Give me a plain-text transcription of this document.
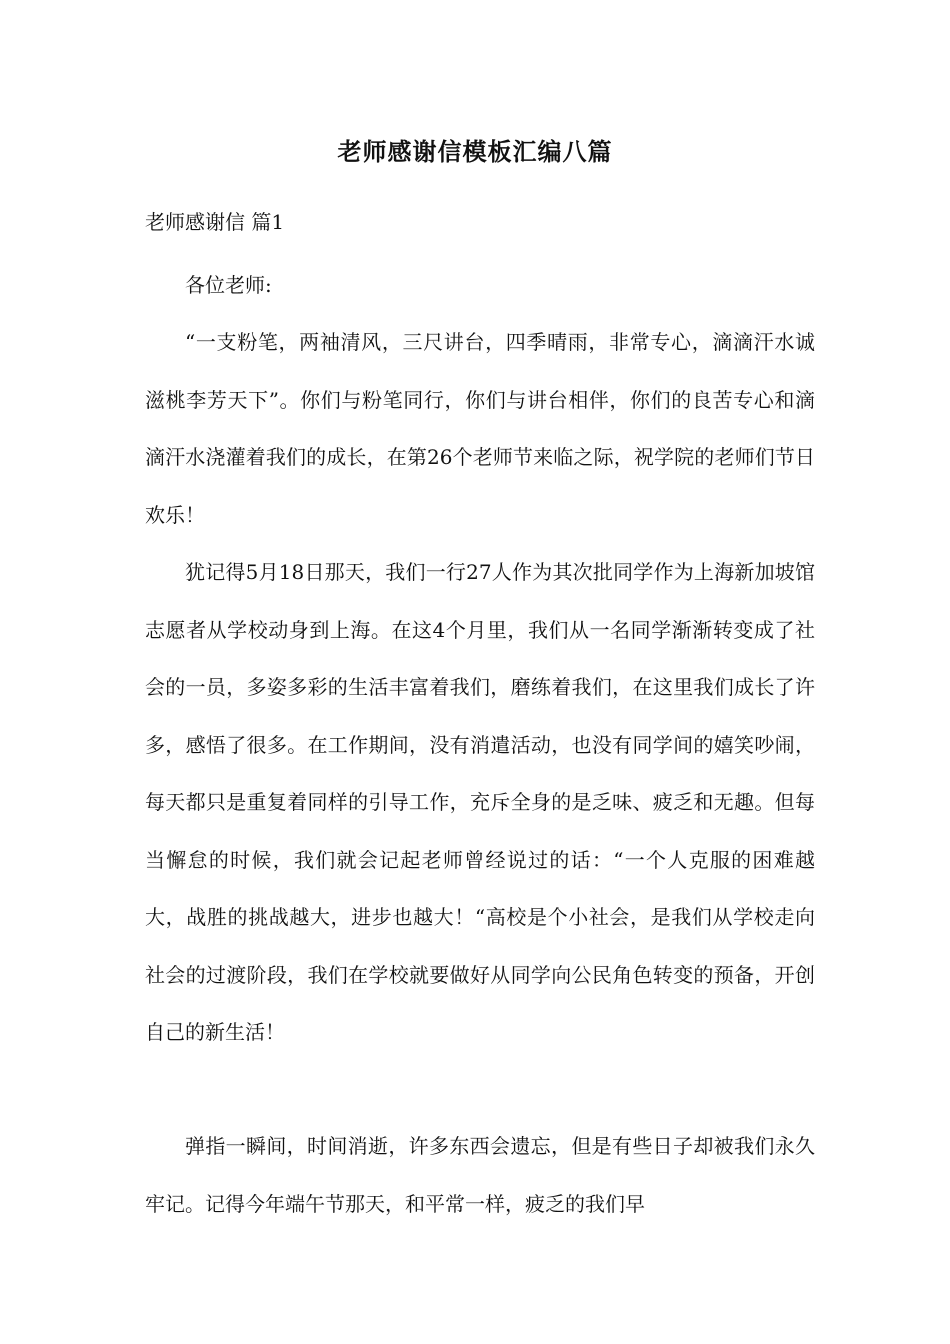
老师感谢信模板汇编八篇
老师感谢信 篇1

各位老师:

“一支粉笔，两袖清风，三尺讲台，四季晴雨，非常专心，滴滴汗水诚滋桃李芳天下”。你们与粉笔同行，你们与讲台相伴，你们的良苦专心和滴滴汗水浇灌着我们的成长，在第26个老师节来临之际，祝学院的老师们节日欢乐！

犹记得5月18日那天，我们一行27人作为其次批同学作为上海新加坡馆志愿者从学校动身到上海。在这4个月里，我们从一名同学渐渐转变成了社会的一员，多姿多彩的生活丰富着我们，磨练着我们，在这里我们成长了许多，感悟了很多。在工作期间，没有消遣活动，也没有同学间的嬉笑吵闹，每天都只是重复着同样的引导工作，充斥全身的是乏味、疲乏和无趣。但每当懈怠的时候，我们就会记起老师曾经说过的话：“一个人克服的困难越大，战胜的挑战越大，进步也越大！“高校是个小社会，是我们从学校走向社会的过渡阶段，我们在学校就要做好从同学向公民角色转变的预备，开创自己的新生活！

弹指一瞬间，时间消逝，许多东西会遗忘，但是有些日子却被我们永久牢记。记得今年端午节那天，和平常一样，疲乏的我们早
